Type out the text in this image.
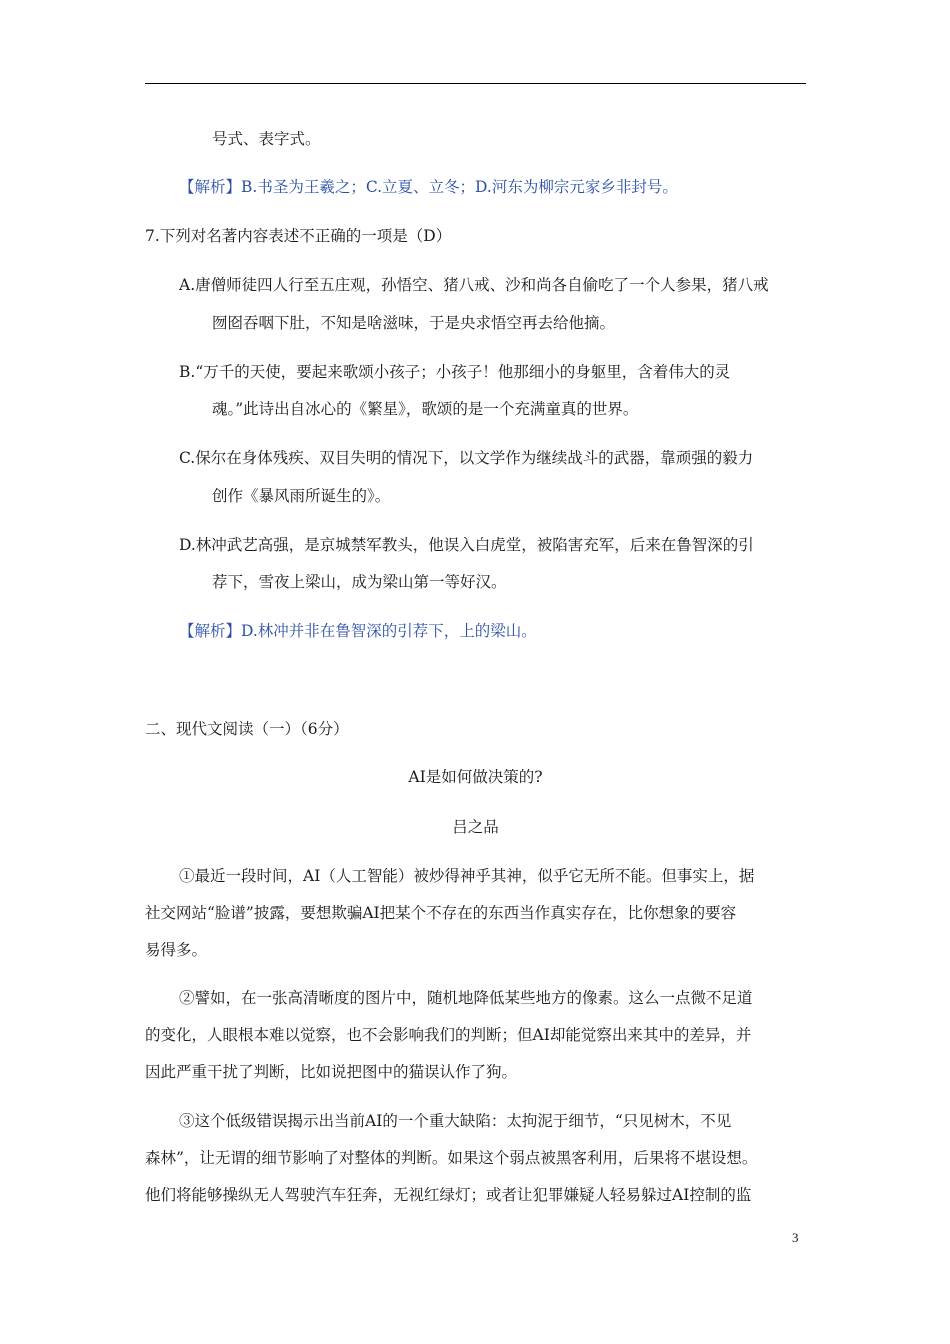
号式、表字式。
【解析】B.书圣为王羲之；C.立夏、立冬；D.河东为柳宗元家乡非封号。
7.下列对名著内容表述不正确的一项是（D）
A.唐僧师徒四人行至五庄观，孙悟空、猪八戒、沙和尚各自偷吃了一个人参果，猪八戒
囫囵吞咽下肚，不知是啥滋味，于是央求悟空再去给他摘。
B.“万千的天使，要起来歌颂小孩子；小孩子！他那细小的身躯里，含着伟大的灵
魂。”此诗出自冰心的《繁星》，歌颂的是一个充满童真的世界。
C.保尔在身体残疾、双目失明的情况下，以文学作为继续战斗的武器，靠顽强的毅力
创作《暴风雨所诞生的》。
D.林冲武艺高强，是京城禁军教头，他误入白虎堂，被陷害充军，后来在鲁智深的引
荐下，雪夜上梁山，成为梁山第一等好汉。
【解析】D.林冲并非在鲁智深的引荐下，上的梁山。
二、现代文阅读（一）（6分）
AI是如何做决策的?
吕之品
①最近一段时间，AI（人工智能）被炒得神乎其神，似乎它无所不能。但事实上，据
社交网站“脸谱”披露，要想欺骗AI把某个不存在的东西当作真实存在，比你想象的要容
易得多。
②譬如，在一张高清晰度的图片中，随机地降低某些地方的像素。这么一点微不足道
的变化，人眼根本难以觉察，也不会影响我们的判断；但AI却能觉察出来其中的差异，并
因此严重干扰了判断，比如说把图中的猫误认作了狗。
③这个低级错误揭示出当前AI的一个重大缺陷：太拘泥于细节，“只见树木，不见
森林”，让无谓的细节影响了对整体的判断。如果这个弱点被黑客利用，后果将不堪设想。
他们将能够操纵无人驾驶汽车狂奔，无视红绿灯；或者让犯罪嫌疑人轻易躲过AI控制的监
3
